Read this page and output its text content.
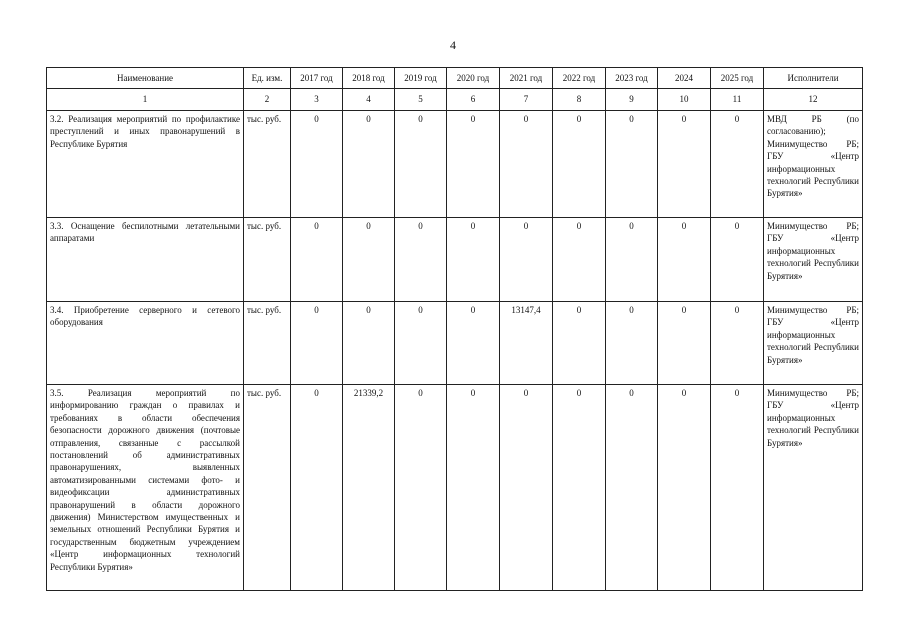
4
Наименование	Ед. изм.	2017 год	2018 год	2019 год	2020 год	2021 год	2022 год	2023 год	2024	2025 год	Исполнители
1	2	3	4	5	6	7	8	9	10	11	12
3.2. Реализация мероприятий по профилактике преступлений и иных правонарушений в Республике Бурятия	тыс. руб.	0	0	0	0	0	0	0	0	0	МВД РБ (по согласованию); Минимущество РБ; ГБУ «Центр информационных технологий Республики Бурятия»
3.3. Оснащение беспилотными летательными аппаратами	тыс. руб.	0	0	0	0	0	0	0	0	0	Минимущество РБ; ГБУ «Центр информационных технологий Республики Бурятия»
3.4. Приобретение серверного и сетевого оборудования	тыс. руб.	0	0	0	0	13147,4	0	0	0	0	Минимущество РБ; ГБУ «Центр информационных технологий Республики Бурятия»
3.5. Реализация мероприятий по информированию граждан о правилах и требованиях в области обеспечения безопасности дорожного движения (почтовые отправления, связанные с рассылкой постановлений об административных правонарушениях, выявленных автоматизированными системами фото- и видеофиксации административных правонарушений в области дорожного движения) Министерством имущественных и земельных отношений Республики Бурятия и государственным бюджетным учреждением «Центр информационных технологий Республики Бурятия»	тыс. руб.	0	21339,2	0	0	0	0	0	0	0	Минимущество РБ; ГБУ «Центр информационных технологий Республики Бурятия»
